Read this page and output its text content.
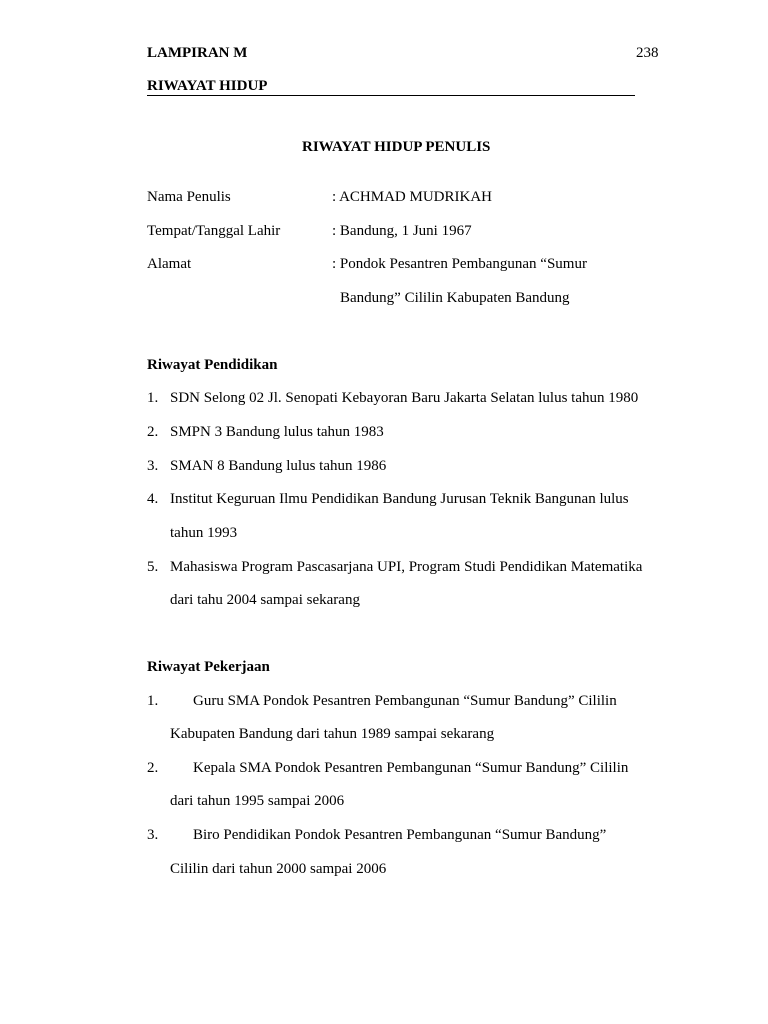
LAMPIRAN M	238
RIWAYAT HIDUP
RIWAYAT HIDUP PENULIS
Nama Penulis	: ACHMAD MUDRIKAH
Tempat/Tanggal Lahir	: Bandung, 1 Juni 1967
Alamat	: Pondok Pesantren Pembangunan “Sumur
Bandung” Cililin Kabupaten Bandung
Riwayat Pendidikan
1. SDN Selong 02 Jl. Senopati Kebayoran Baru Jakarta Selatan lulus tahun 1980
2. SMPN 3 Bandung lulus tahun 1983
3. SMAN 8 Bandung lulus tahun 1986
4. Institut Keguruan Ilmu Pendidikan Bandung Jurusan Teknik Bangunan lulus
tahun 1993
5. Mahasiswa Program Pascasarjana UPI, Program Studi Pendidikan Matematika
dari tahu 2004 sampai sekarang
Riwayat Pekerjaan
1. Guru SMA Pondok Pesantren Pembangunan “Sumur Bandung” Cililin
Kabupaten Bandung dari tahun 1989 sampai sekarang
2. Kepala SMA Pondok Pesantren Pembangunan “Sumur Bandung” Cililin
dari tahun 1995 sampai 2006
3. Biro Pendidikan Pondok Pesantren Pembangunan “Sumur Bandung”
Cililin dari tahun 2000 sampai 2006
